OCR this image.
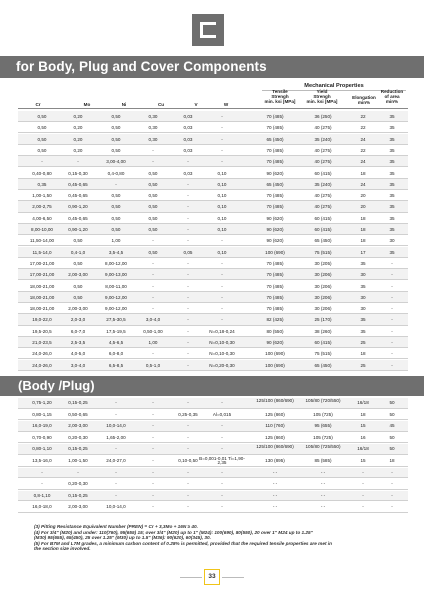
for Body, Plug and Cover Components
Mechanical Properties
Cr	Mo	Ni	Cu	V	W
Tensile
Strengh
min. ksi [MPa]
Yield
Strengh
min. ksi [MPa]
Elongation
min%
Reduction
of area
min%
0,50	0,20	0,50	0,30	0,03	-	70 (485)	36 (250)	22	35
0,50	0,20	0,50	0,30	0,03	-	70 (485)	40 (275)	22	35
0,50	0,20	0,50	0,30	0,03	-	65 (450)	35 (240)	24	35
0,50	0,20	0,50	-	0,03	-	70 (485)	40 (275)	22	35
-	-	3,00-4,00	-	-	-	70 (485)	40 (275)	24	35
0,40-0,80	0,15-0,30	0,4-0,80	0,50	0,03	0,10	90 (620)	60 (415)	18	35
0,35	0,45-0,65	-	0,50	-	0,10	65 (450)	35 (240)	24	35
1,00-1,50	0,45-0,65	0,50	0,50	-	0,10	70 (485)	40 (275)	20	35
2,00-2,75	0,90-1,20	0,50	0,50	-	0,10	70 (485)	40 (275)	20	35
4,00-6,50	0,45-0,65	0,50	0,50	-	0,10	90 (620)	60 (415)	18	35
8,00-10,00	0,90-1,20	0,50	0,50	-	0,10	90 (620)	60 (415)	18	35
11,50-14,00	0,50	1,00	-	-	-	90 (620)	65 (450)	18	30
11,5-14,0	0,4-1,0	3,5-4,5	0,50	0,05	0,10	100 (690)	75 (515)	17	35
17,00-21,00	0,50	8,00-12,00	-	-	-	70 (485)	30 (205)	35	-
17,00-21,00	2,00-3,00	9,00-13,00	-	-	-	70 (485)	30 (206)	30	-
18,00-21,00	0,50	8,00-11,00	-	-	-	70 (485)	30 (206)	35	-
18,00-21,00	0,50	9,00-12,00	-	-	-	70 (485)	30 (206)	30	-
18,00-21,00	2,00-3,00	9,00-12,00	-	-	-	70 (485)	30 (206)	30	-
19,0-22,0	2,0-3,0	27,5-30,5	3,0-4,0	-	-	82 (425)	25 (170)	35	-
19,5-20,5	6,0-7,0	17,5-19,5	0,50-1,00	-	N=0,18-0,24	80 (550)	38 (260)	35	-
21,0-23,5	2,5-3,5	4,5-6,5	1,00	-	N=0,10-0,30	90 (620)	60 (415)	25	-
24,0-26,0	4,0-5,0	6,0-8,0	-	-	N=0,10-0,30	100 (690)	75 (515)	18	-
24,0-26,0	3,0-4,0	6,5-8,5	0,5-1,0	-	N=0,20-0,30	100 (690)	65 (450)	25	-
(Body /Plug)
0,75-1,20	0,15-0,25	-	-	-	-	125/100 (860/690)	105/80 (720/550)	16/18	50
0,80-1,15	0,50-0,65	-	-	0,25-0,35	Al=0,015	125 (860)	105 (725)	18	50
16,0-19,0	2,00-3,00	10,0-14,0	-	-	-	110 (760)	95 (655)	15	45
0,70-0,90	0,20-0,30	1,65-2,00	-	-	-	125 (860)	105 (725)	16	50
0,80-1,10	0,15-0,25	-	-	-	-	125/100 (860/690)	105/80 (725/550)	16/18	50
13,5-16,0	1,00-1,50	24,0-27,0	-	0,10-0,50 B=0,001-0,01 Ti=1,90-2,35	130 (895)	85 (585)	15	18
-	-	-	-	-	-	- -	- -	-	-
-	0,20-0,30	-	-	-	-	- -	- -	-	-
0,8-1,10	0,15-0,25	-	-	-	-	- -	- -	-	-
16,0-18,0	2,00-3,00	10,0-14,0	-	-	-	- -	- -	-	-

(3) Pitting Resistance Equivalent Number (PREN) = Cr + 3,3Mo + 16N ≥ 40.

(4) For 3/4" (M20) and under: 110(760), 95(655) 15; over 3/4" (M20) up to 1" (M24): 100(690), 80(550), 20 over 1" M24 up to 1.25"

(M30) 95(655), 65(450), 25 over 1.25" (M30) up to 1.5" (M36): 90(620), 60(345), 30.

(5) For B7M and L7M grades, a minimum carbon content of 0.28% is permitted, provided that the required tensile properties are met in

the section size involved.

33
